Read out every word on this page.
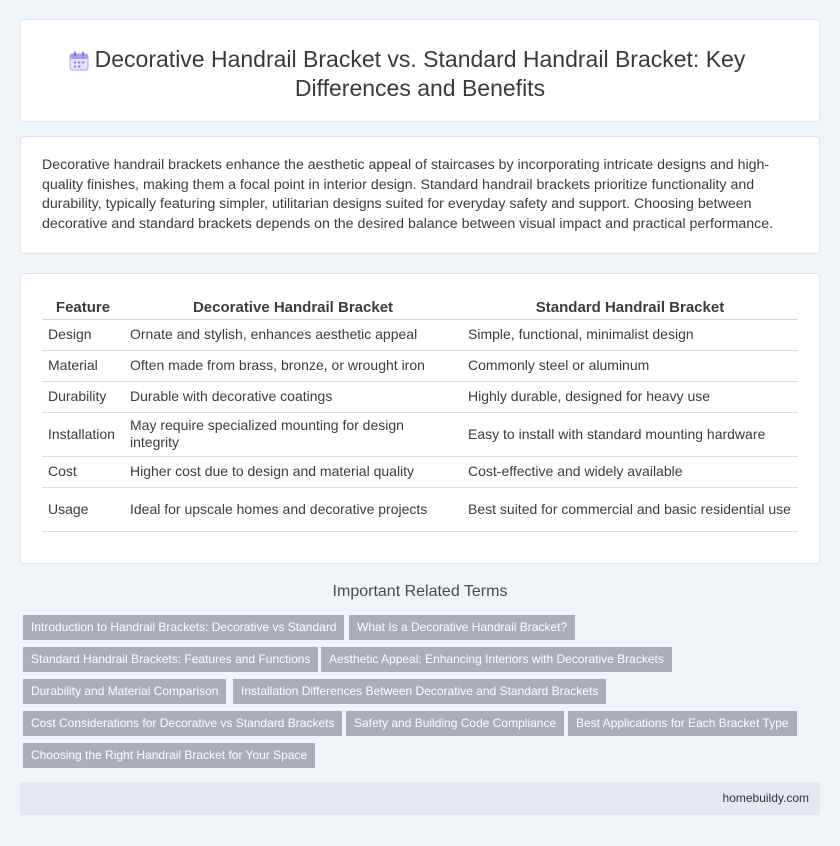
Decorative Handrail Bracket vs. Standard Handrail Bracket: Key Differences and Benefits

Decorative handrail brackets enhance the aesthetic appeal of staircases by incorporating intricate designs and high-quality finishes, making them a focal point in interior design. Standard handrail brackets prioritize functionality and durability, typically featuring simpler, utilitarian designs suited for everyday safety and support. Choosing between decorative and standard brackets depends on the desired balance between visual impact and practical performance.

Feature	Decorative Handrail Bracket	Standard Handrail Bracket
Design	Ornate and stylish, enhances aesthetic appeal	Simple, functional, minimalist design
Material	Often made from brass, bronze, or wrought iron	Commonly steel or aluminum
Durability	Durable with decorative coatings	Highly durable, designed for heavy use
Installation	May require specialized mounting for design integrity	Easy to install with standard mounting hardware
Cost	Higher cost due to design and material quality	Cost-effective and widely available
Usage	Ideal for upscale homes and decorative projects	Best suited for commercial and basic residential use
Important Related Terms
Introduction to Handrail Brackets: Decorative vs Standard	What Is a Decorative Handrail Bracket?
Standard Handrail Brackets: Features and Functions	Aesthetic Appeal: Enhancing Interiors with Decorative Brackets
Durability and Material Comparison	Installation Differences Between Decorative and Standard Brackets
Cost Considerations for Decorative vs Standard Brackets	Safety and Building Code Compliance	Best Applications for Each Bracket Type
Choosing the Right Handrail Bracket for Your Space
homebuildy.com
